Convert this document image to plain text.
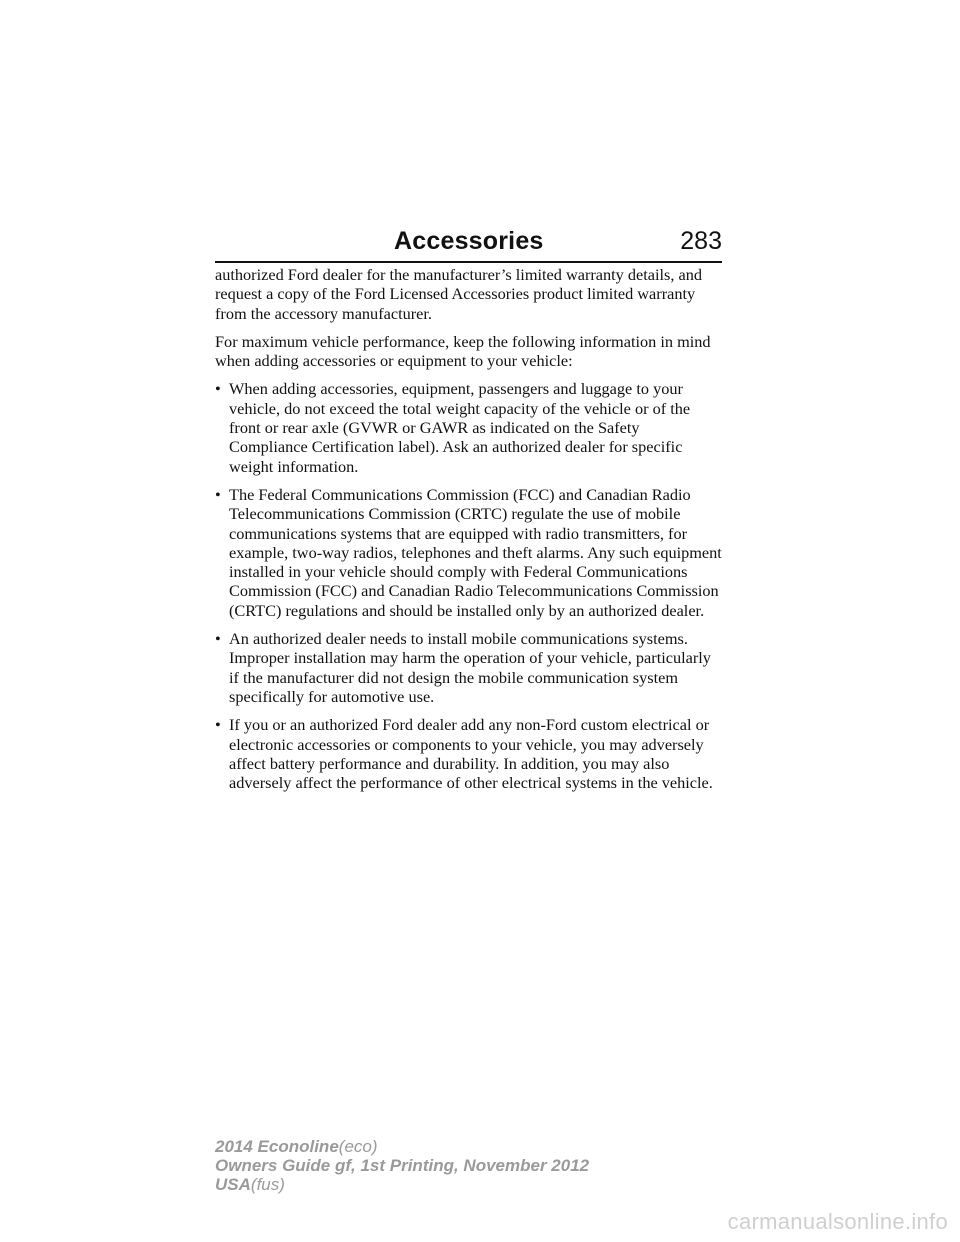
Accessories	283

authorized Ford dealer for the manufacturer’s limited warranty details, and request a copy of the Ford Licensed Accessories product limited warranty from the accessory manufacturer.

For maximum vehicle performance, keep the following information in mind when adding accessories or equipment to your vehicle:

• When adding accessories, equipment, passengers and luggage to your vehicle, do not exceed the total weight capacity of the vehicle or of the front or rear axle (GVWR or GAWR as indicated on the Safety Compliance Certification label). Ask an authorized dealer for specific weight information.
• The Federal Communications Commission (FCC) and Canadian Radio Telecommunications Commission (CRTC) regulate the use of mobile communications systems that are equipped with radio transmitters, for example, two-way radios, telephones and theft alarms. Any such equipment installed in your vehicle should comply with Federal Communications Commission (FCC) and Canadian Radio Telecommunications Commission (CRTC) regulations and should be installed only by an authorized dealer.
• An authorized dealer needs to install mobile communications systems. Improper installation may harm the operation of your vehicle, particularly if the manufacturer did not design the mobile communication system specifically for automotive use.
• If you or an authorized Ford dealer add any non-Ford custom electrical or electronic accessories or components to your vehicle, you may adversely affect battery performance and durability. In addition, you may also adversely affect the performance of other electrical systems in the vehicle.
2014 Econoline(eco)
Owners Guide gf, 1st Printing, November 2012
USA(fus)
carmanualsonline.info
